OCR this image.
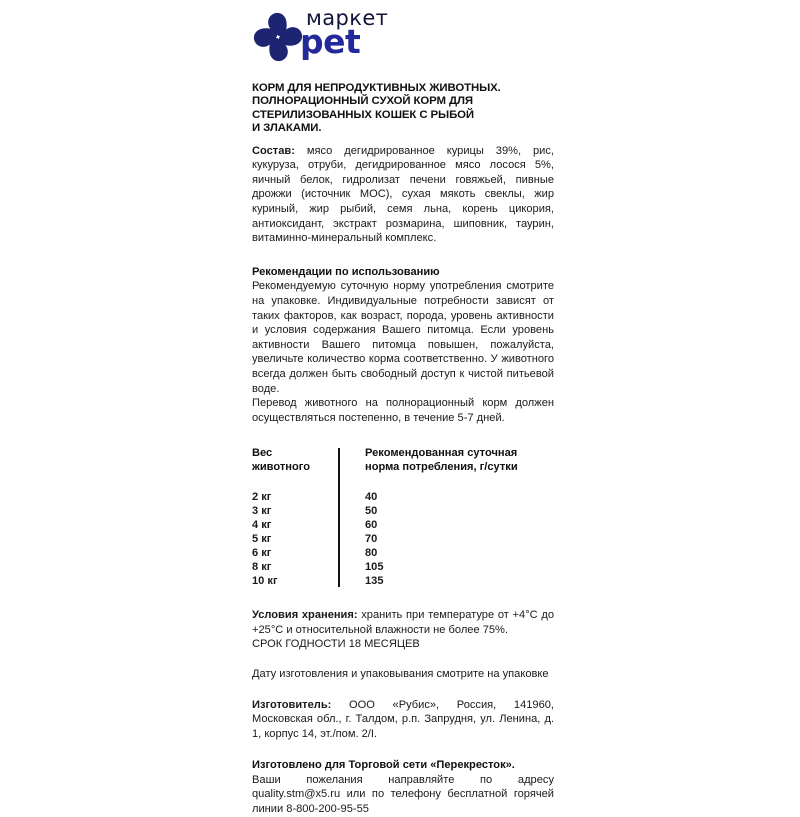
маркет
pet
КОРМ ДЛЯ НЕПРОДУКТИВНЫХ ЖИВОТНЫХ.
ПОЛНОРАЦИОННЫЙ СУХОЙ КОРМ ДЛЯ
СТЕРИЛИЗОВАННЫХ КОШЕК С РЫБОЙ
И ЗЛАКАМИ.

Состав: мясо дегидрированное курицы 39%, рис, кукуруза, отруби, дегидрированное мясо лосося 5%, яичный белок, гидролизат печени говяжьей, пивные дрожжи (источник МОС), сухая мякоть свеклы, жир куриный, жир рыбий, семя льна, корень цикория, антиоксидант, экстракт розмарина, шиповник, таурин, витаминно-минеральный комплекс.

Рекомендации по использованию

Рекомендуемую суточную норму употребления смотрите на упаковке. Индивидуальные потребности зависят от таких факторов, как возраст, порода, уровень активности и условия содержания Вашего питомца. Если уровень активности Вашего питомца повышен, пожалуйста, увеличьте количество корма соответственно. У животного всегда должен быть свободный доступ к чистой питьевой воде.

Перевод животного на полнорационный корм должен осуществляться постепенно, в течение 5-7 дней.

Вес
животного

Рекомендованная суточная
норма потребления, г/сутки

2 кг		40
3 кг		50
4 кг		60
5 кг		70
6 кг		80
8 кг		105
10 кг		135

Условия хранения: хранить при температуре от +4°C до +25°C и относительной влажности не более 75%.

СРОК ГОДНОСТИ 18 МЕСЯЦЕВ

Дату изготовления и упаковывания смотрите на упаковке

Изготовитель: ООО «Рубис», Россия, 141960, Московская обл., г. Талдом, р.п. Запрудня, ул. Ленина, д. 1, корпус 14, эт./пом. 2/I.

Изготовлено для Торговой сети «Перекресток».

Ваши пожелания направляйте по адресу quality.stm@x5.ru или по телефону бесплатной горячей линии 8-800-200-95-55
